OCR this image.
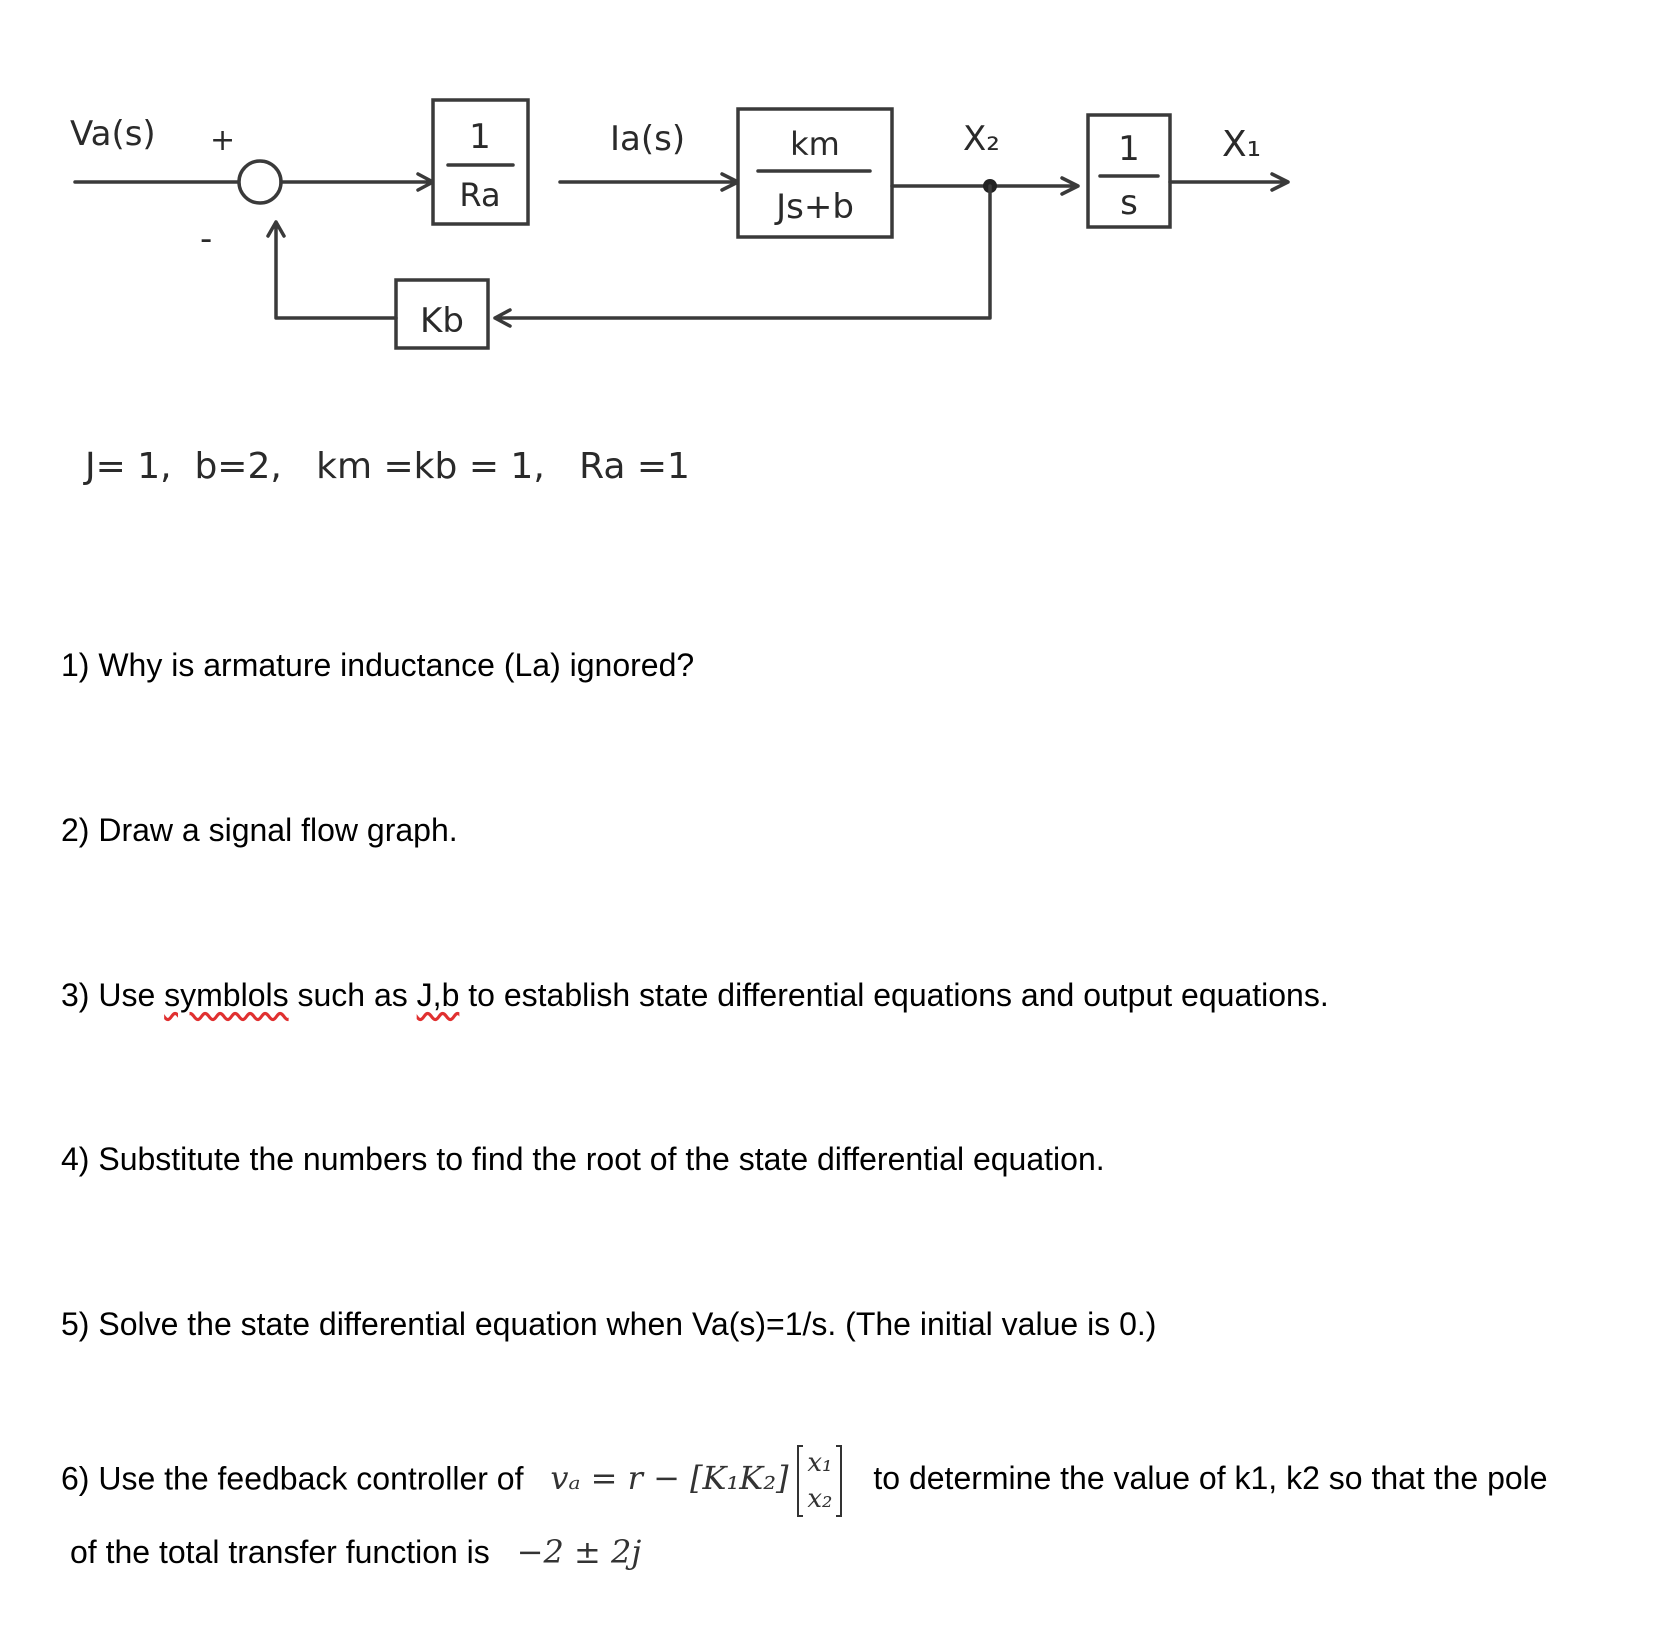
1
Ra
km
Js+b
1
s
Kb
Va(s) +
-
Ia(s)	X₂	X₁
J= 1,  b=2,   km =kb = 1,   Ra =1
1) Why is armature inductance (La) ignored?
2) Draw a signal flow graph.
3) Use symblols such as J,b to establish state differential equations and output equations.
4) Substitute the numbers to find the root of the state differential equation.
5) Solve the state differential equation when Va(s)=1/s. (The initial value is 0.)
6) Use the feedback controller of vₐ = r − [K₁K₂] x₁
x₂
to determine the value of k1, k2 so that the pole
of the total transfer function is −2 ± 2j
